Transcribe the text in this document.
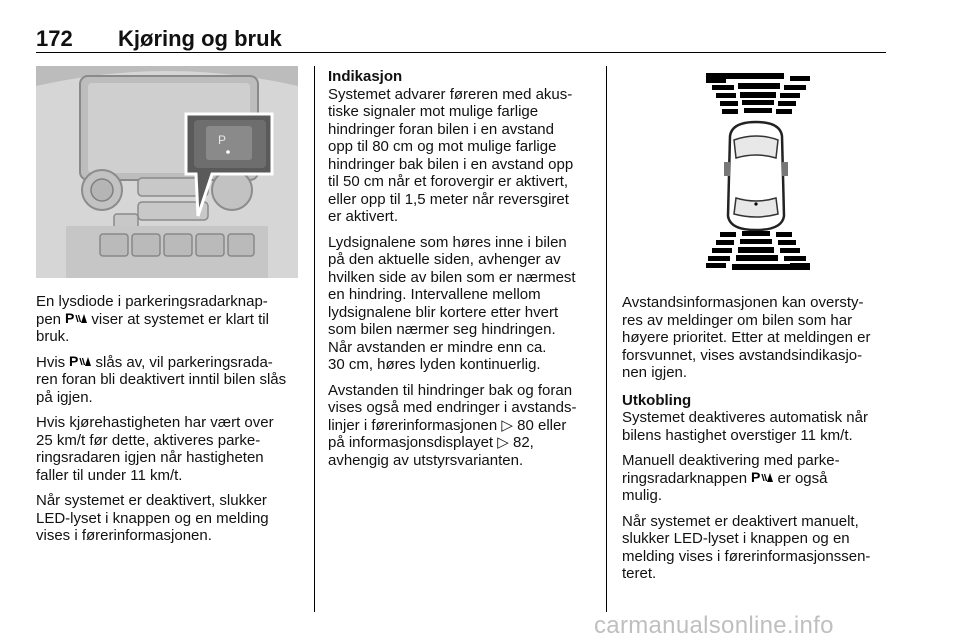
172 Kjøring og bruk
P

En lysdiode i parkeringsradarknap-
pen P viser at systemet er klart til
bruk.

Hvis P slås av, vil parkeringsrada-
ren foran bli deaktivert inntil bilen slås
på igjen.

Hvis kjørehastigheten har vært over
25 km/t før dette, aktiveres parke-
ringsradaren igjen når hastigheten
faller til under 11 km/t.

Når systemet er deaktivert, slukker
LED-lyset i knappen og en melding
vises i førerinformasjonen.

Indikasjon

Systemet advarer føreren med akus-
tiske signaler mot mulige farlige
hindringer foran bilen i en avstand
opp til 80 cm og mot mulige farlige
hindringer bak bilen i en avstand opp
til 50 cm når et forovergir er aktivert,
eller opp til 1,5 meter når reversgiret
er aktivert.

Lydsignalene som høres inne i bilen
på den aktuelle siden, avhenger av
hvilken side av bilen som er nærmest
en hindring. Intervallene mellom
lydsignalene blir kortere etter hvert
som bilen nærmer seg hindringen.
Når avstanden er mindre enn ca.
30 cm, høres lyden kontinuerlig.

Avstanden til hindringer bak og foran
vises også med endringer i avstands-
linjer i førerinformasjonen ▷ 80 eller
på informasjonsdisplayet ▷ 82,
avhengig av utstyrsvarianten.

Avstandsinformasjonen kan oversty-
res av meldinger om bilen som har
høyere prioritet. Etter at meldingen er
forsvunnet, vises avstandsindikasjo-
nen igjen.

Utkobling

Systemet deaktiveres automatisk når
bilens hastighet overstiger 11 km/t.

Manuell deaktivering med parke-
ringsradarknappen P er også
mulig.

Når systemet er deaktivert manuelt,
slukker LED-lyset i knappen og en
melding vises i førerinformasjonssen-
teret.

carmanualsonline.info
